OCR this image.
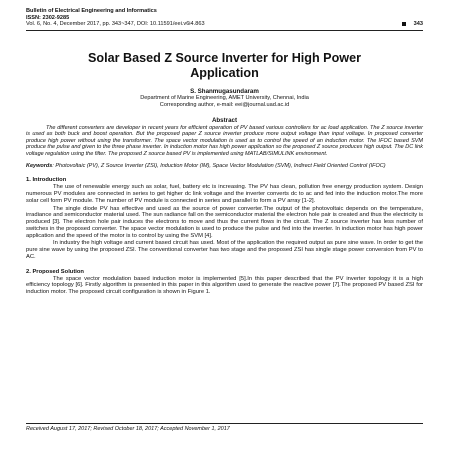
Bulletin of Electrical Engineering and Informatics
ISSN: 2302-9285
Vol. 6, No. 4, December 2017, pp. 343~347, DOI: 10.11591/eei.v6i4.863	343
Solar Based Z Source Inverter for High Power
Application
S. Shanmugasundaram
Department of Marine Engineering, AMET University, Chennai, India
Corresponding author, e-mail: eei@journal.uad.ac.id
Abstract

The different converters are developer in recent years for efficient operation of PV based various controllers for ac load application. The Z source inverter is used as both buck and boost operation. But the proposed paper Z source inverter produce more output voltage than input voltage. In proposed converter produce high power without using the transformer. The space vector modulation is used as to control the speed of an induction motor. The IFOC based SVM produce the pulse and given to the three phase inverter. In induction motor has high power application so the proposed Z source produces high output. The DC link voltage regulation using the filter. The proposed Z source based PV is implemented using MATLAB/SIMULINK environment.

Keywords: Photovoltaic (PV), Z Source Inverter (ZSI), Induction Motor (IM), Space Vector Modulation (SVM), Indirect Field Oriented Control (IFOC)
1. Introduction

The use of renewable energy such as solar, fuel, battery etc is increasing. The PV has clean, pollution free energy production system. Design numerous PV modules are connected in series to get higher dc link voltage and the inverter converts dc to ac and fed into the induction motor.The more solar cell form PV module. The number of PV module is connected in series and parallel to form a PV array [1-2].

The single diode PV has effective and used as the source of power converter.The output of the photovoltaic depends on the temperature, irradiance and semiconductor material used. The sun radiance fall on the semiconductor material the electron hole pair is created and thus the electricity is produced [3]. The electron hole pair induces the electrons to move and thus the current flows in the circuit. The Z source inverter has less number of switches in the proposed converter. The space vector modulation is used to produce the pulse and fed into the inverter. In induction motor has high power application and the speed of the motor is to control by using the SVM [4].

In industry the high voltage and current based circuit has used. Most of the application the required output as pure sine wave. In order to get the pure sine wave by using the proposed ZSI. The conventional converter has two stage and the proposed ZSI has single stage power conversion from PV to AC.

2. Proposed Solution

The space vector modulation based induction motor is implemented [5].In this paper described that the PV inverter topology it is a high efficiency topology [6]. Firstly algorithm is presented in this paper in this algorithm used to generate the reactive power [7].The proposed PV based ZSI for induction motor. The proposed circuit configuration is shown in Figure 1.

Received August 17, 2017; Revised October 18, 2017; Accepted November 1, 2017
